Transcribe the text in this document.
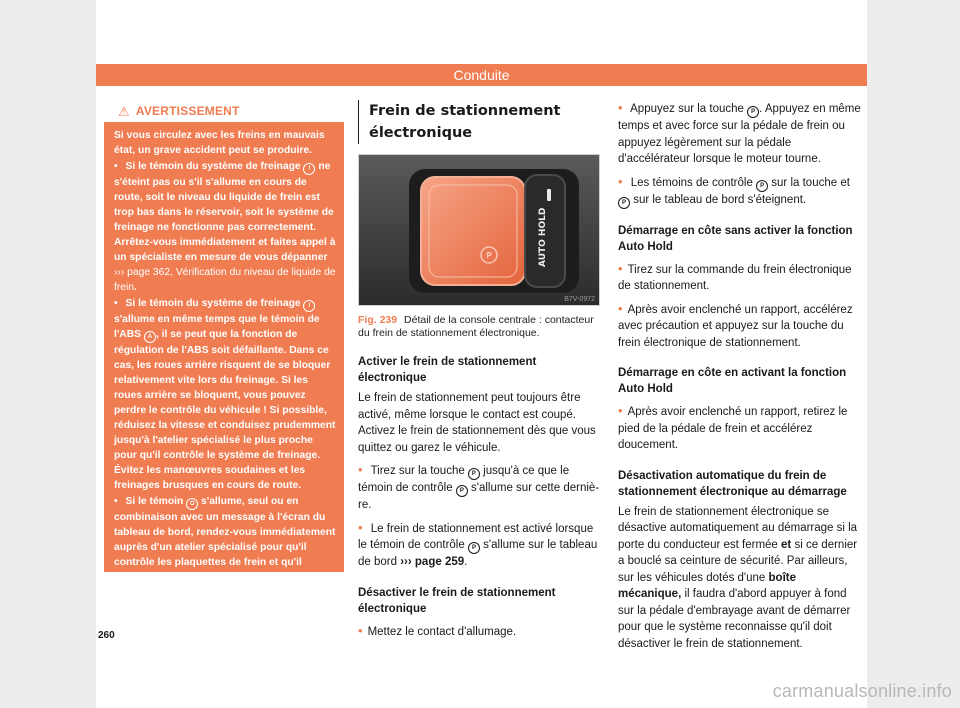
Conduite
⚠ AVERTISSEMENT

Si vous circulez avec les freins en mauvais état, un grave accident peut se produire.

• Si le témoin du système de freinage ! ne s'éteint pas ou s'il s'allume en cours de route, soit le niveau du liquide de frein est trop bas dans le réservoir, soit le système de freinage ne fonctionne pas correctement. Arrêtez-vous immédiatement et faites appel à un spécialiste en mesure de vous dépanner ››› page 362, Vérification du niveau de liquide de frein.

• Si le témoin du système de freinage ! s'allume en même temps que le témoin de l'ABS A , il se peut que la fonction de régulation de l'ABS soit défaillante. Dans ce cas, les roues arrière risquent de se bloquer relativement vite lors du freinage. Si les roues arrière se bloquent, vous pouvez perdre le contrôle du véhicule ! Si possible, réduisez la vitesse et conduisez prudemment jusqu'à l'atelier spécialisé le plus proche pour qu'il contrôle le système de freinage. Évitez les manœuvres soudaines et les freinages brusques en cours de route.

• Si le témoin O s'allume, seul ou en combinaison avec un message à l'écran du tableau de bord, rendez-vous immédiatement auprès d'un atelier spécialisé pour qu'il contrôle les plaquettes de frein et qu'il remplace celles qui sont usées.

Frein de stationnement électronique
P	AUTO HOLD
B7V-0972
Fig. 239 Détail de la console centrale : contacteur du frein de stationnement électronique.
Activer le frein de stationnement électronique

Le frein de stationnement peut toujours être activé, même lorsque le contact est coupé. Activez le frein de stationnement dès que vous quittez ou garez le véhicule.

• Tirez sur la touche P jusqu'à ce que le témoin de contrôle P s'allume sur cette dernière.
• Le frein de stationnement est activé lorsque le témoin de contrôle P s'allume sur le tableau de bord ››› page 259.
Désactiver le frein de stationnement électronique
• Mettez le contact d'allumage.
• Appuyez sur la touche P . Appuyez en même temps et avec force sur la pédale de frein ou appuyez légèrement sur la pédale d'accélérateur lorsque le moteur tourne.
• Les témoins de contrôle P sur la touche et P sur le tableau de bord s'éteignent.
Démarrage en côte sans activer la fonction Auto Hold
• Tirez sur la commande du frein électronique de stationnement.
• Après avoir enclenché un rapport, accélérez avec précaution et appuyez sur la touche du frein électronique de stationnement.
Démarrage en côte en activant la fonction Auto Hold
• Après avoir enclenché un rapport, retirez le pied de la pédale de frein et accélérez doucement.
Désactivation automatique du frein de stationnement électronique au démarrage

Le frein de stationnement électronique se désactive automatiquement au démarrage si la porte du conducteur est fermée et si ce dernier a bouclé sa ceinture de sécurité. Par ailleurs, sur les véhicules dotés d'une boîte mécanique, il faudra d'abord appuyer à fond sur la pédale d'embrayage avant de démarrer pour que le système reconnaisse qu'il doit désactiver le frein de stationnement.

260
carmanualsonline.info
